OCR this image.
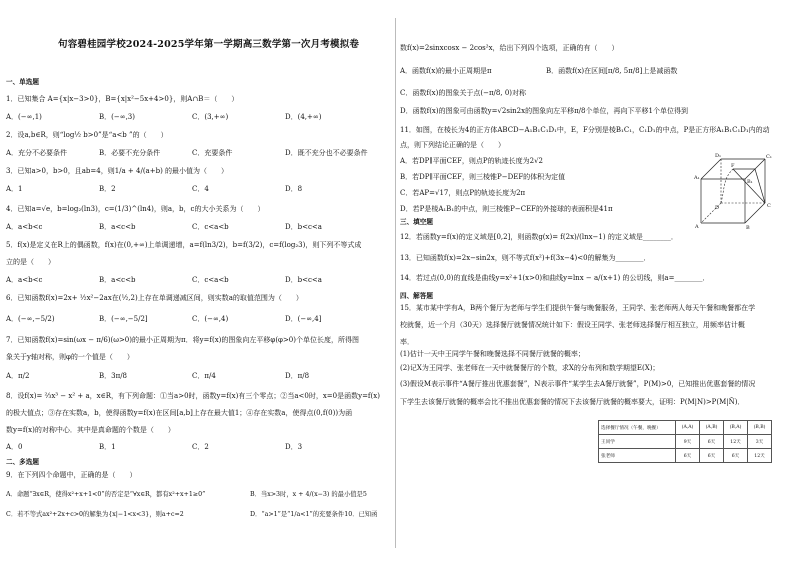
句容碧桂园学校2024-2025学年第一学期高三数学第一次月考模拟卷
一、单选题
1．已知集合 A={x|x−3>0}，B={x|x²−5x+4>0}，则A∩B＝（　　）
A．(−∞,1)	B．(−∞,3)	C．(3,+∞)	D．(4,+∞)
2．设a,b∈R，则“log½ b>0”是“a<b ”的（　　）
A．充分不必要条件	B．必要不充分条件	C．充要条件	D．既不充分也不必要条件
3．已知a>0，b>0，且ab=4，则1/a + 4/(a+b) 的最小值为（　　）
A．1	B．2	C．4	D．8
4．已知a=√e，b=log₂(ln3)，c=(1/3)^(ln4)，则a，b，c的大小关系为（　　）
A．a<b<c	B．a<c<b	C．c<a<b	D．b<c<a
5．f(x)是定义在R上的偶函数，f(x)在(0,+∞)上单调递增，a=f(ln3/2)，b=f(3/2)，c=f(log₂3)，则下列不等式成
立的是（　　）
A．a<b<c	B．a<c<b	C．c<a<b	D．b<c<a
6．已知函数f(x)=2x+ ½x²−2ax在(½,2)上存在单调递减区间，则实数a的取值范围为（　　）
A．(−∞,−5/2)	B．(−∞,−5/2]	C．(−∞,4)	D．(−∞,4]
7．已知函数f(x)=sin(ωx − π/6)(ω>0)的最小正周期为π．将y=f(x)的图象向左平移φ(φ>0)个单位长度，所得图
象关于y轴对称，则φ的一个值是（　　）
A．π/2	B．3π/8	C．π/4	D．π/8
8．设f(x)= ⅔x³ − x² + a，x∈R，有下列命题：①当a>0时，函数y=f(x)有三个零点；②当a<0时，x=0是函数y=f(x)
的极大值点；③存在实数a，b，使得函数y=f(x)在区间[a,b]上存在最大值1；④存在实数a，使得点(0,f(0))为函
数y=f(x)的对称中心．其中是真命题的个数是（　　）
A．0	B．1	C．2	D．3
二、多选题
9．在下列四个命题中，正确的是（　　）
A．命题“∃x∈R，使得x²+x+1<0”的否定是“∀x∈R，都有x²+x+1≥0”	B．当x>3时，x + 4/(x−3) 的最小值是5
C．若不等式ax²+2x+c>0的解集为{x|−1<x<3}，则a+c=2	D．“a>1”是“1/a<1”的充要条件10．已知函
数f(x)=2sinxcosx − 2cos²x，给出下列四个选项，正确的有（　　）
A．函数f(x)的最小正周期是π	B．函数f(x)在区间[π/8, 5π/8]上是减函数
C．函数f(x)的图象关于点(−π/8, 0)对称
D．函数f(x)的图象可由函数y=√2sin2x的图象向左平移π/8个单位，再向下平移1个单位得到
11．如图，在棱长为4的正方体ABCD−A₁B₁C₁D₁中，E，F分别是棱B₁C₁，C₁D₁的中点，P是正方形A₁B₁C₁D₁内的动
点，则下列结论正确的是（　　）
A．若DP∥平面CEF，则点P的轨迹长度为2√2
B．若DP∥平面CEF，则三棱锥P−DEF的体积为定值
C．若AP=√17，则点P的轨迹长度为2π
D．若P是棱A₁B₁的中点，则三棱锥P−CEF的外接球的表面积是41π
D₁
F
C₁
A₁
B₁
D	C
A	B
三、填空题
12．若函数y=f(x)的定义域是[0,2]，则函数g(x)= f(2x)/(lnx−1) 的定义域是________．
13．已知函数f(x)=2x−sin2x，则不等式f(x²)+f(3x−4)<0的解集为________．
14．若过点(0,0)的直线是曲线y=x²+1(x>0)和曲线y=lnx − a/(x+1) 的公切线，则a=________．
四、解答题
15．某市某中学有A，B两个餐厅为老师与学生们提供午餐与晚餐服务，王同学、张老师两人每天午餐和晚餐都在学
校就餐，近一个月（30天）选择餐厅就餐情况统计如下：假设王同学、张老师选择餐厅相互独立，用频率估计概
率．
(1)估计一天中王同学午餐和晚餐选择不同餐厅就餐的概率；
(2)记X为王同学、张老师在一天中就餐餐厅的个数，求X的分布列和数学期望E(X)；
(3)假设M表示事件“A餐厅推出优惠套餐”，N表示事件“某学生去A餐厅就餐”，P(M)>0，已知推出优惠套餐的情况
下学生去该餐厅就餐的概率会比不推出优惠套餐的情况下去该餐厅就餐的概率要大，证明：P(M|N)>P(M|N̄)．
选择餐厅情况（午餐，晚餐）	(A,A)	(A,B)	(B,A)	(B,B)
王同学	9天	6天	12天	3天
张老师	6天	6天	6天	12天
